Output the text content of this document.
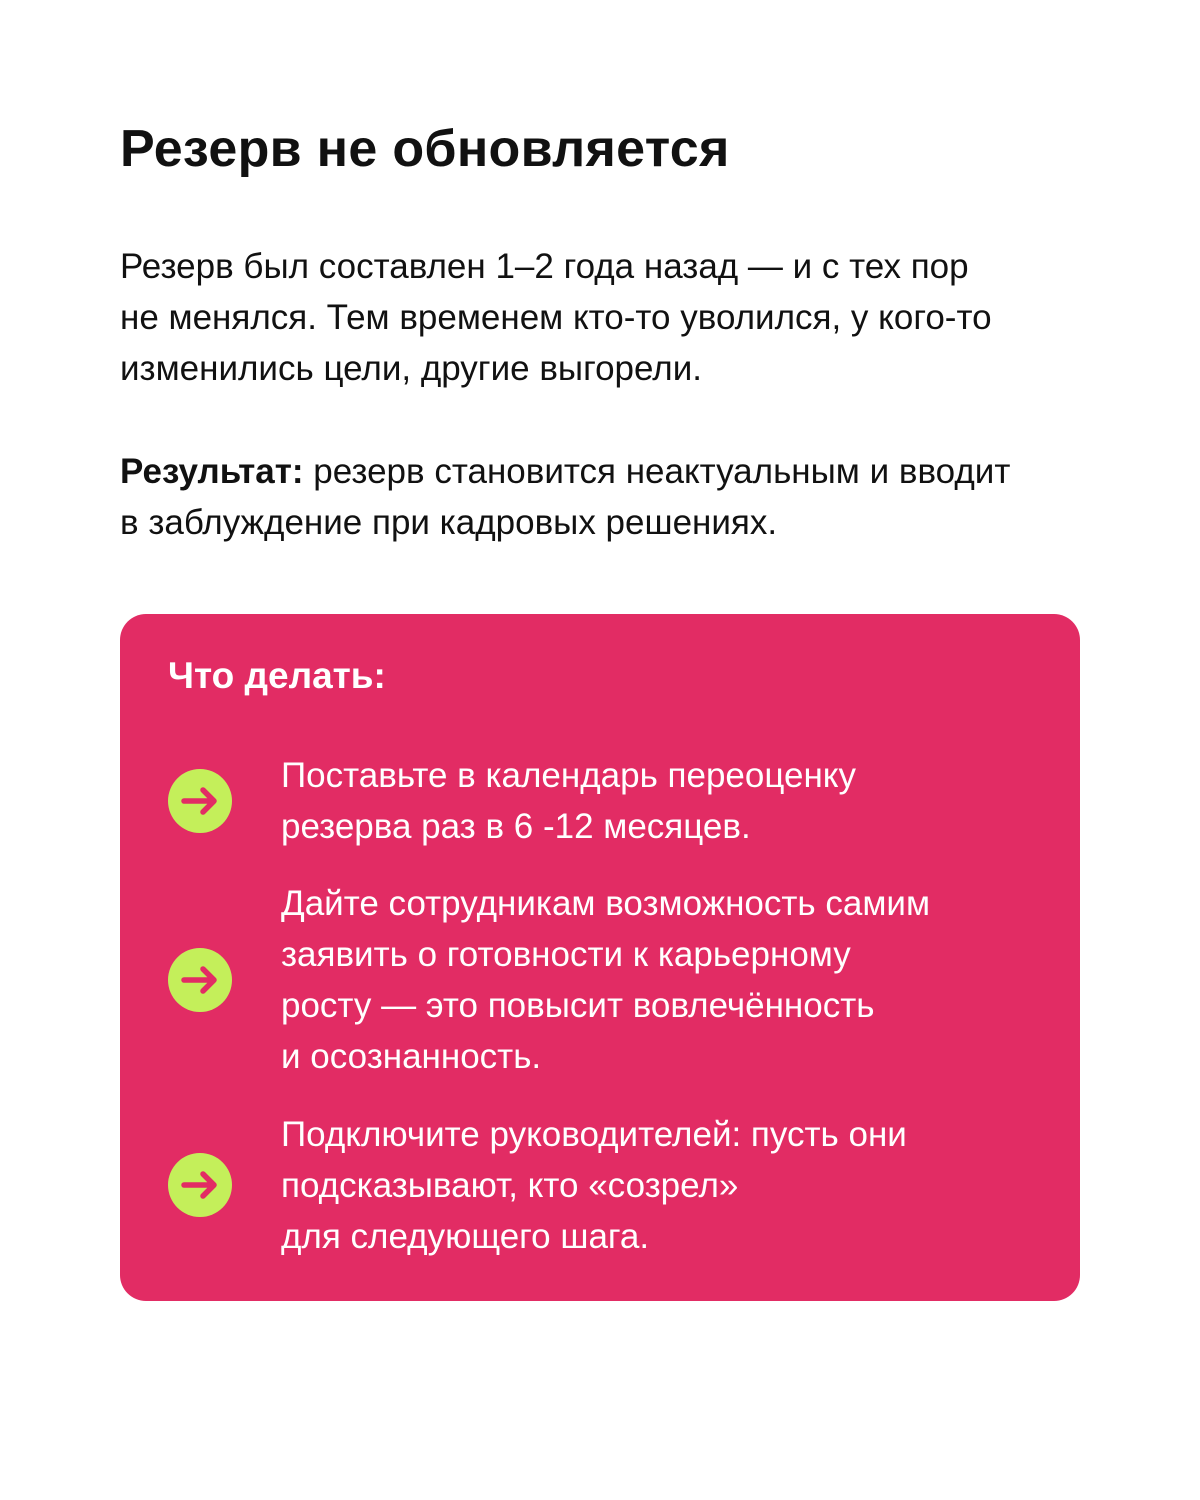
Резерв не обновляется

Резерв был составлен 1–2 года назад — и с тех пор
не менялся. Тем временем кто-то уволился, у кого-то
изменились цели, другие выгорели.

Результат: резерв становится неактуальным и вводит
в заблуждение при кадровых решениях.

Что делать:

Поставьте в календарь переоценку
резерва раз в 6 -12 месяцев.

Дайте сотрудникам возможность самим
заявить о готовности к карьерному
росту — это повысит вовлечённость
и осознанность.

Подключите руководителей: пусть они
подсказывают, кто «созрел»
для следующего шага.
